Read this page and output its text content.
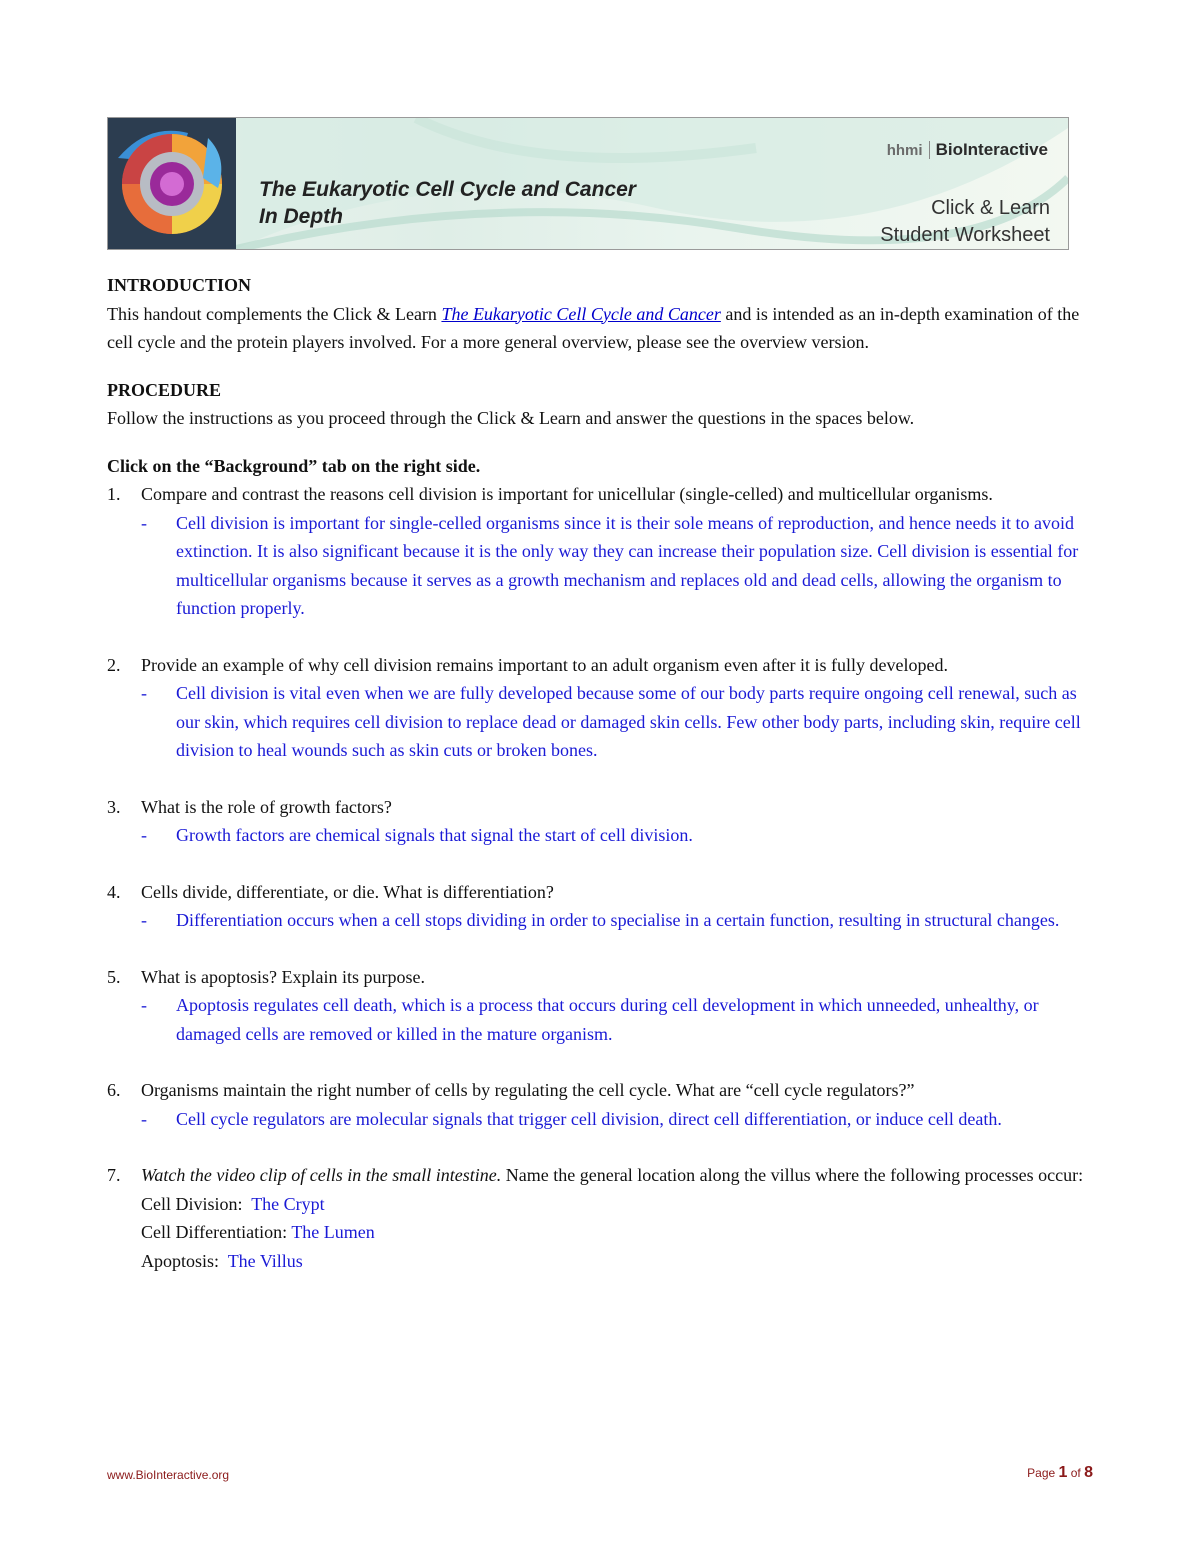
The Eukaryotic Cell Cycle and Cancer
In Depth
hhmi BioInteractive
Click & Learn
Student Worksheet

INTRODUCTION

This handout complements the Click & Learn The Eukaryotic Cell Cycle and Cancer and is intended as an in-depth examination of the cell cycle and the protein players involved. For a more general overview, please see the overview version.

PROCEDURE

Follow the instructions as you proceed through the Click & Learn and answer the questions in the spaces below.

Click on the “Background” tab on the right side.

1.	Compare and contrast the reasons cell division is important for unicellular (single-celled) and multicellular organisms.
-	Cell division is important for single-celled organisms since it is their sole means of reproduction, and hence needs it to avoid extinction. It is also significant because it is the only way they can increase their population size. Cell division is essential for multicellular organisms because it serves as a growth mechanism and replaces old and dead cells, allowing the organism to function properly.
2.	Provide an example of why cell division remains important to an adult organism even after it is fully developed.
-	Cell division is vital even when we are fully developed because some of our body parts require ongoing cell renewal, such as our skin, which requires cell division to replace dead or damaged skin cells. Few other body parts, including skin, require cell division to heal wounds such as skin cuts or broken bones.
3.	What is the role of growth factors?
-	Growth factors are chemical signals that signal the start of cell division.
4.	Cells divide, differentiate, or die. What is differentiation?
-	Differentiation occurs when a cell stops dividing in order to specialise in a certain function, resulting in structural changes.
5.	What is apoptosis? Explain its purpose.
-	Apoptosis regulates cell death, which is a process that occurs during cell development in which unneeded, unhealthy, or damaged cells are removed or killed in the mature organism.
6.	Organisms maintain the right number of cells by regulating the cell cycle. What are “cell cycle regulators?”
-	Cell cycle regulators are molecular signals that trigger cell division, direct cell differentiation, or induce cell death.
7.	Watch the video clip of cells in the small intestine. Name the general location along the villus where the following processes occur:
Cell Division:  The Crypt
Cell Differentiation: The Lumen
Apoptosis:  The Villus
www.BioInteractive.org	Page 1 of 8
